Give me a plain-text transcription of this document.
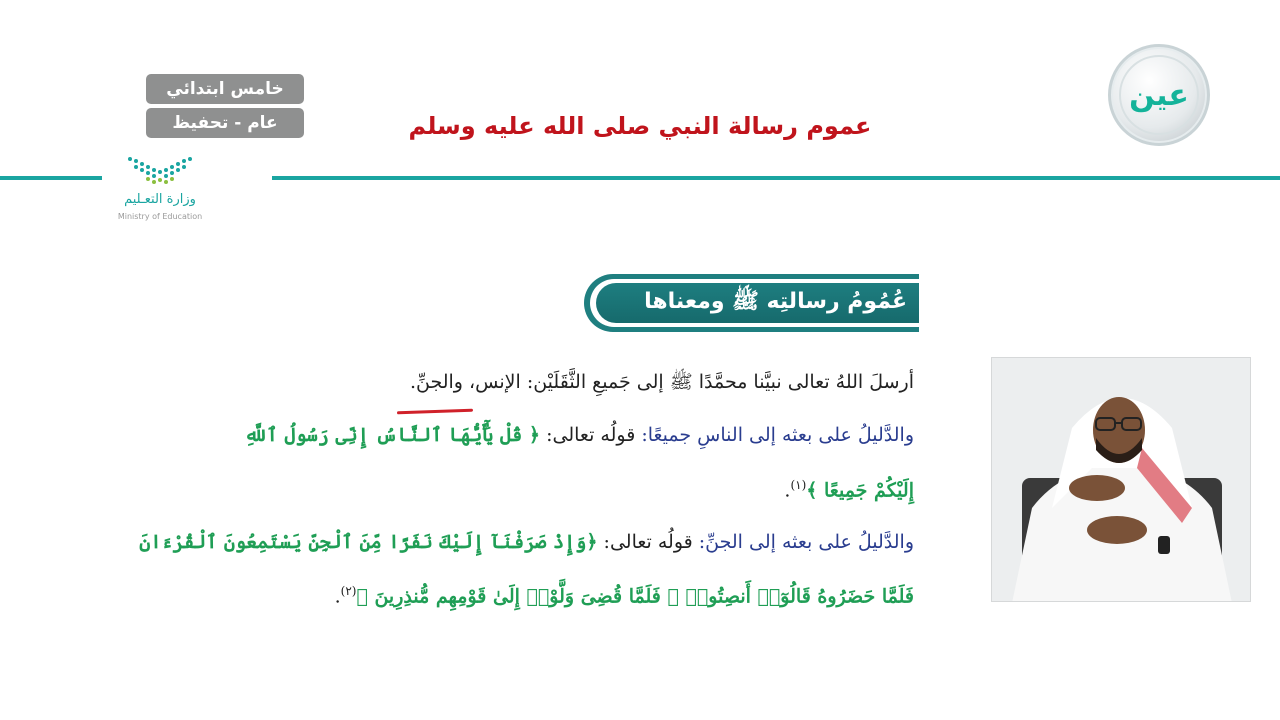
خامس ابتدائي
عام - تحفيظ	عموم رسالة النبي صلى الله عليه وسلم
وزارة التعـليم
Ministry of Education
عين
عُمُومُ رسالتِه ﷺ ومعناها
أرسلَ اللهُ تعالى نبيَّنا محمَّدًا ﷺ إلى جَميعِ الثَّقَلَيْن: الإنس، والجنِّ.
والدَّليلُ على بعثه إلى الناسِ جميعًا: قولُه تعالى: ﴿ قُلْ يَٰٓأَيُّهَا ٱلنَّاسُ إِنِّى رَسُولُ ٱللَّهِ
إِلَيْكُمْ جَمِيعًا ﴾$^{(١)}$.
والدَّليلُ على بعثه إلى الجنِّ: قولُه تعالى: ﴿وَإِذْ صَرَفْنَآ إِلَيْكَ نَفَرًا مِّنَ ٱلْجِنِّ يَسْتَمِعُونَ ٱلْقُرْءَانَ
فَلَمَّا حَضَرُوهُ قَالُوٓا۟ أَنصِتُوا۟ ۖ فَلَمَّا قُضِىَ وَلَّوْا۟ إِلَىٰ قَوْمِهِم مُّنذِرِينَ ﴾$^{(٢)}$.
